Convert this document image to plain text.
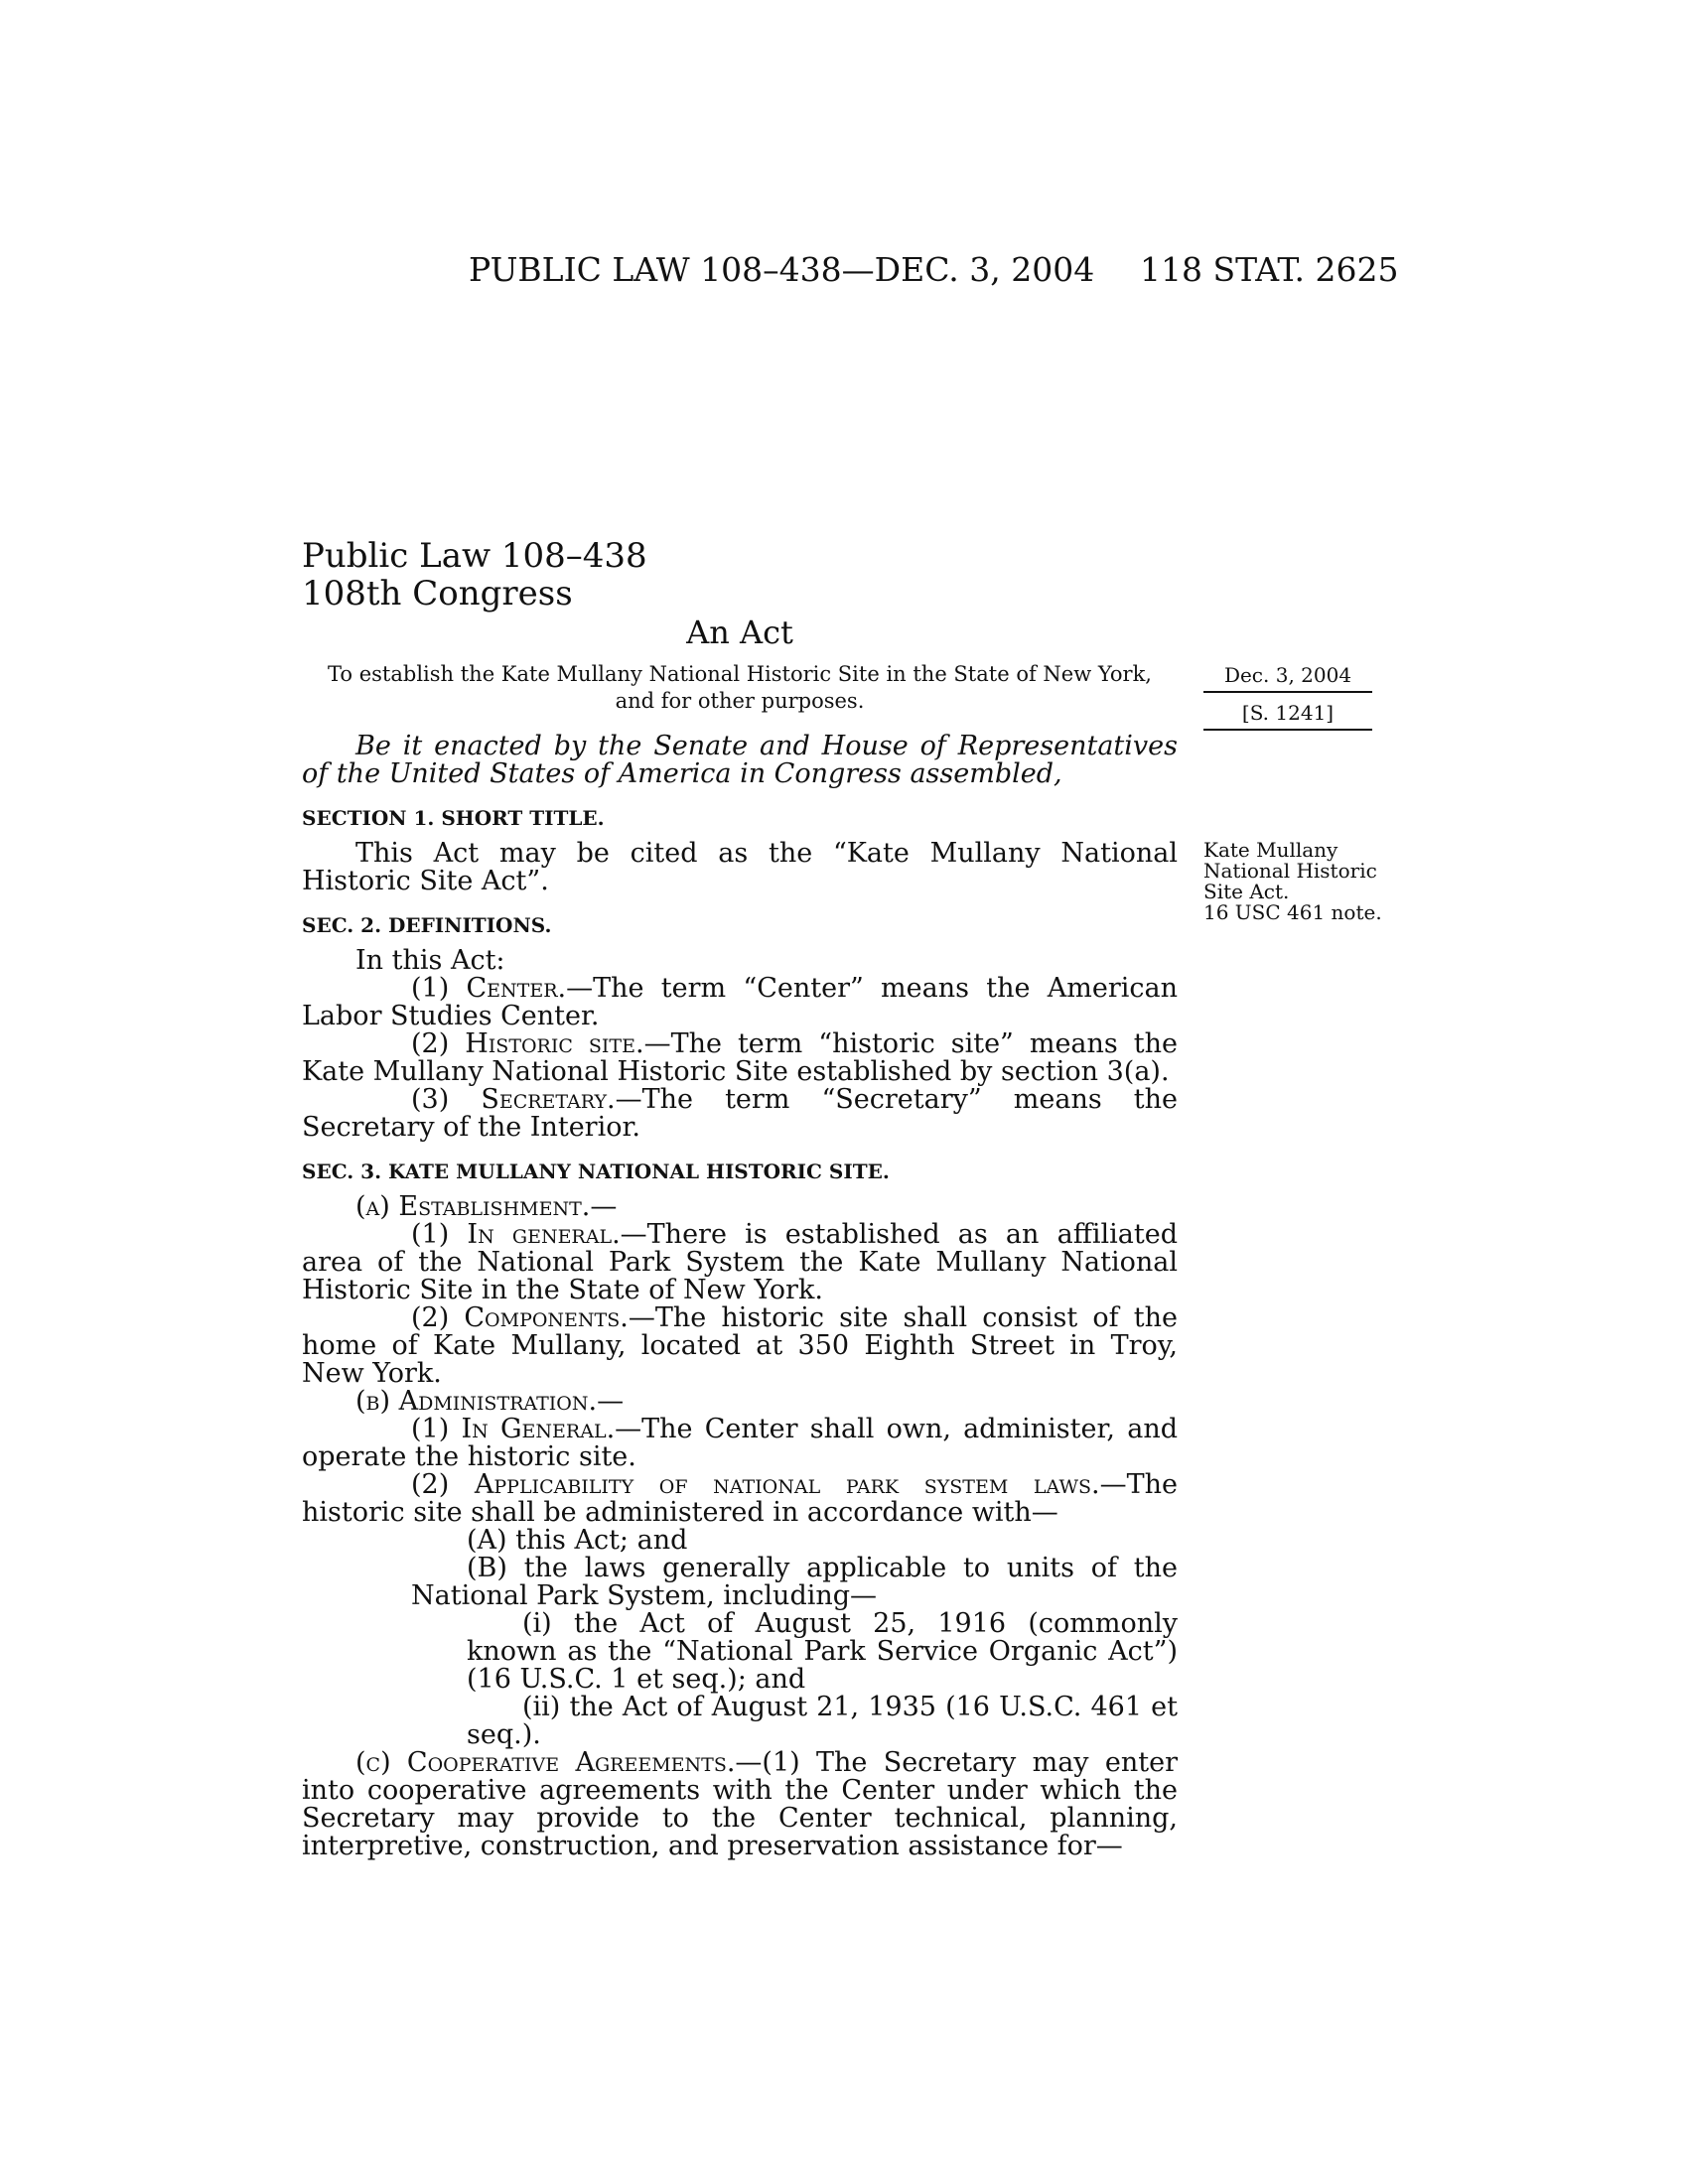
PUBLIC LAW 108–438—DEC. 3, 2004 118 STAT. 2625
Public Law 108–438
108th Congress
An Act
To establish the Kate Mullany National Historic Site in the State of New York, and for other purposes.
Dec. 3, 2004
[S. 1241]
Kate Mullany
National Historic
Site Act.
16 USC 461 note.

Be it enacted by the Senate and House of Representatives of the United States of America in Congress assembled,

SECTION 1. SHORT TITLE.

This Act may be cited as the “Kate Mullany National Historic Site Act”.

SEC. 2. DEFINITIONS.

In this Act:

(1) Center.—The term “Center” means the American Labor Studies Center.

(2) Historic site.—The term “historic site” means the Kate Mullany National Historic Site established by section 3(a).

(3) Secretary.—The term “Secretary” means the Secretary of the Interior.

SEC. 3. KATE MULLANY NATIONAL HISTORIC SITE.

(a) Establishment.—

(1) In general.—There is established as an affiliated area of the National Park System the Kate Mullany National Historic Site in the State of New York.

(2) Components.—The historic site shall consist of the home of Kate Mullany, located at 350 Eighth Street in Troy, New York.

(b) Administration.—

(1) In General.—The Center shall own, administer, and operate the historic site.

(2) Applicability of national park system laws.—The historic site shall be administered in accordance with—

(A) this Act; and

(B) the laws generally applicable to units of the National Park System, including—

(i) the Act of August 25, 1916 (commonly known as the “National Park Service Organic Act”) (16 U.S.C. 1 et seq.); and

(ii) the Act of August 21, 1935 (16 U.S.C. 461 et seq.).

(c) Cooperative Agreements.—(1) The Secretary may enter into cooperative agreements with the Center under which the Secretary may provide to the Center technical, planning, interpretive, construction, and preservation assistance for—
